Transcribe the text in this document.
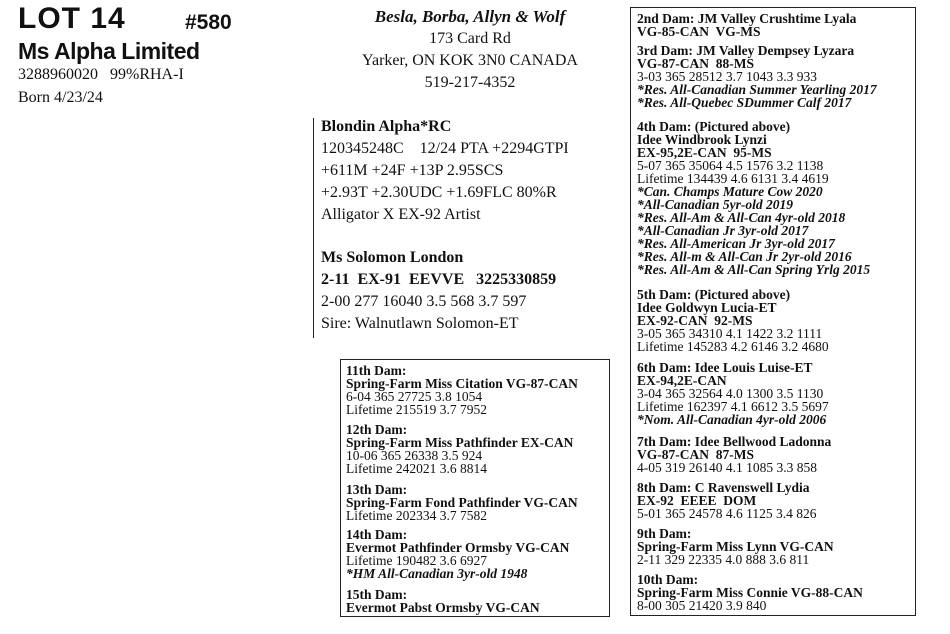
LOT 14	#580
Ms Alpha Limited
3288960020   99%RHA-I
Born 4/23/24
Besla, Borba, Allyn & Wolf
173 Card Rd
Yarker, ON KOK 3N0 CANADA
519-217-4352
Blondin Alpha*RC
120345248C    12/24 PTA +2294GTPI
+611M +24F +13P 2.95SCS
+2.93T +2.30UDC +1.69FLC 80%R
Alligator X EX-92 Artist
Ms Solomon London
2-11  EX-91  EEVVE   3225330859
2-00 277 16040 3.5 568 3.7 597
Sire: Walnutlawn Solomon-ET
11th Dam:
Spring-Farm Miss Citation VG-87-CAN
6-04 365 27725 3.8 1054
Lifetime 215519 3.7 7952
12th Dam:
Spring-Farm Miss Pathfinder EX-CAN
10-06 365 26338 3.5 924
Lifetime 242021 3.6 8814
13th Dam:
Spring-Farm Fond Pathfinder VG-CAN
Lifetime 202334 3.7 7582
14th Dam:
Evermot Pathfinder Ormsby VG-CAN
Lifetime 190482 3.6 6927
*HM All-Canadian 3yr-old 1948
15th Dam:
Evermot Pabst Ormsby VG-CAN
2nd Dam: JM Valley Crushtime Lyala
VG-85-CAN  VG-MS
3rd Dam: JM Valley Dempsey Lyzara
VG-87-CAN  88-MS
3-03 365 28512 3.7 1043 3.3 933
*Res. All-Canadian Summer Yearling 2017
*Res. All-Quebec SDummer Calf 2017
4th Dam: (Pictured above)
Idee Windbrook Lynzi
EX-95,2E-CAN  95-MS
5-07 365 35064 4.5 1576 3.2 1138
Lifetime 134439 4.6 6131 3.4 4619
*Can. Champs Mature Cow 2020
*All-Canadian 5yr-old 2019
*Res. All-Am & All-Can 4yr-old 2018
*All-Canadian Jr 3yr-old 2017
*Res. All-American Jr 3yr-old 2017
*Res. All-m & All-Can Jr 2yr-old 2016
*Res. All-Am & All-Can Spring Yrlg 2015
5th Dam: (Pictured above)
Idee Goldwyn Lucia-ET
EX-92-CAN  92-MS
3-05 365 34310 4.1 1422 3.2 1111
Lifetime 145283 4.2 6146 3.2 4680
6th Dam: Idee Louis Luise-ET
EX-94,2E-CAN
3-04 365 32564 4.0 1300 3.5 1130
Lifetime 162397 4.1 6612 3.5 5697
*Nom. All-Canadian 4yr-old 2006
7th Dam: Idee Bellwood Ladonna
VG-87-CAN  87-MS
4-05 319 26140 4.1 1085 3.3 858
8th Dam: C Ravenswell Lydia
EX-92  EEEE  DOM
5-01 365 24578 4.6 1125 3.4 826
9th Dam:
Spring-Farm Miss Lynn VG-CAN
2-11 329 22335 4.0 888 3.6 811
10th Dam:
Spring-Farm Miss Connie VG-88-CAN
8-00 305 21420 3.9 840
